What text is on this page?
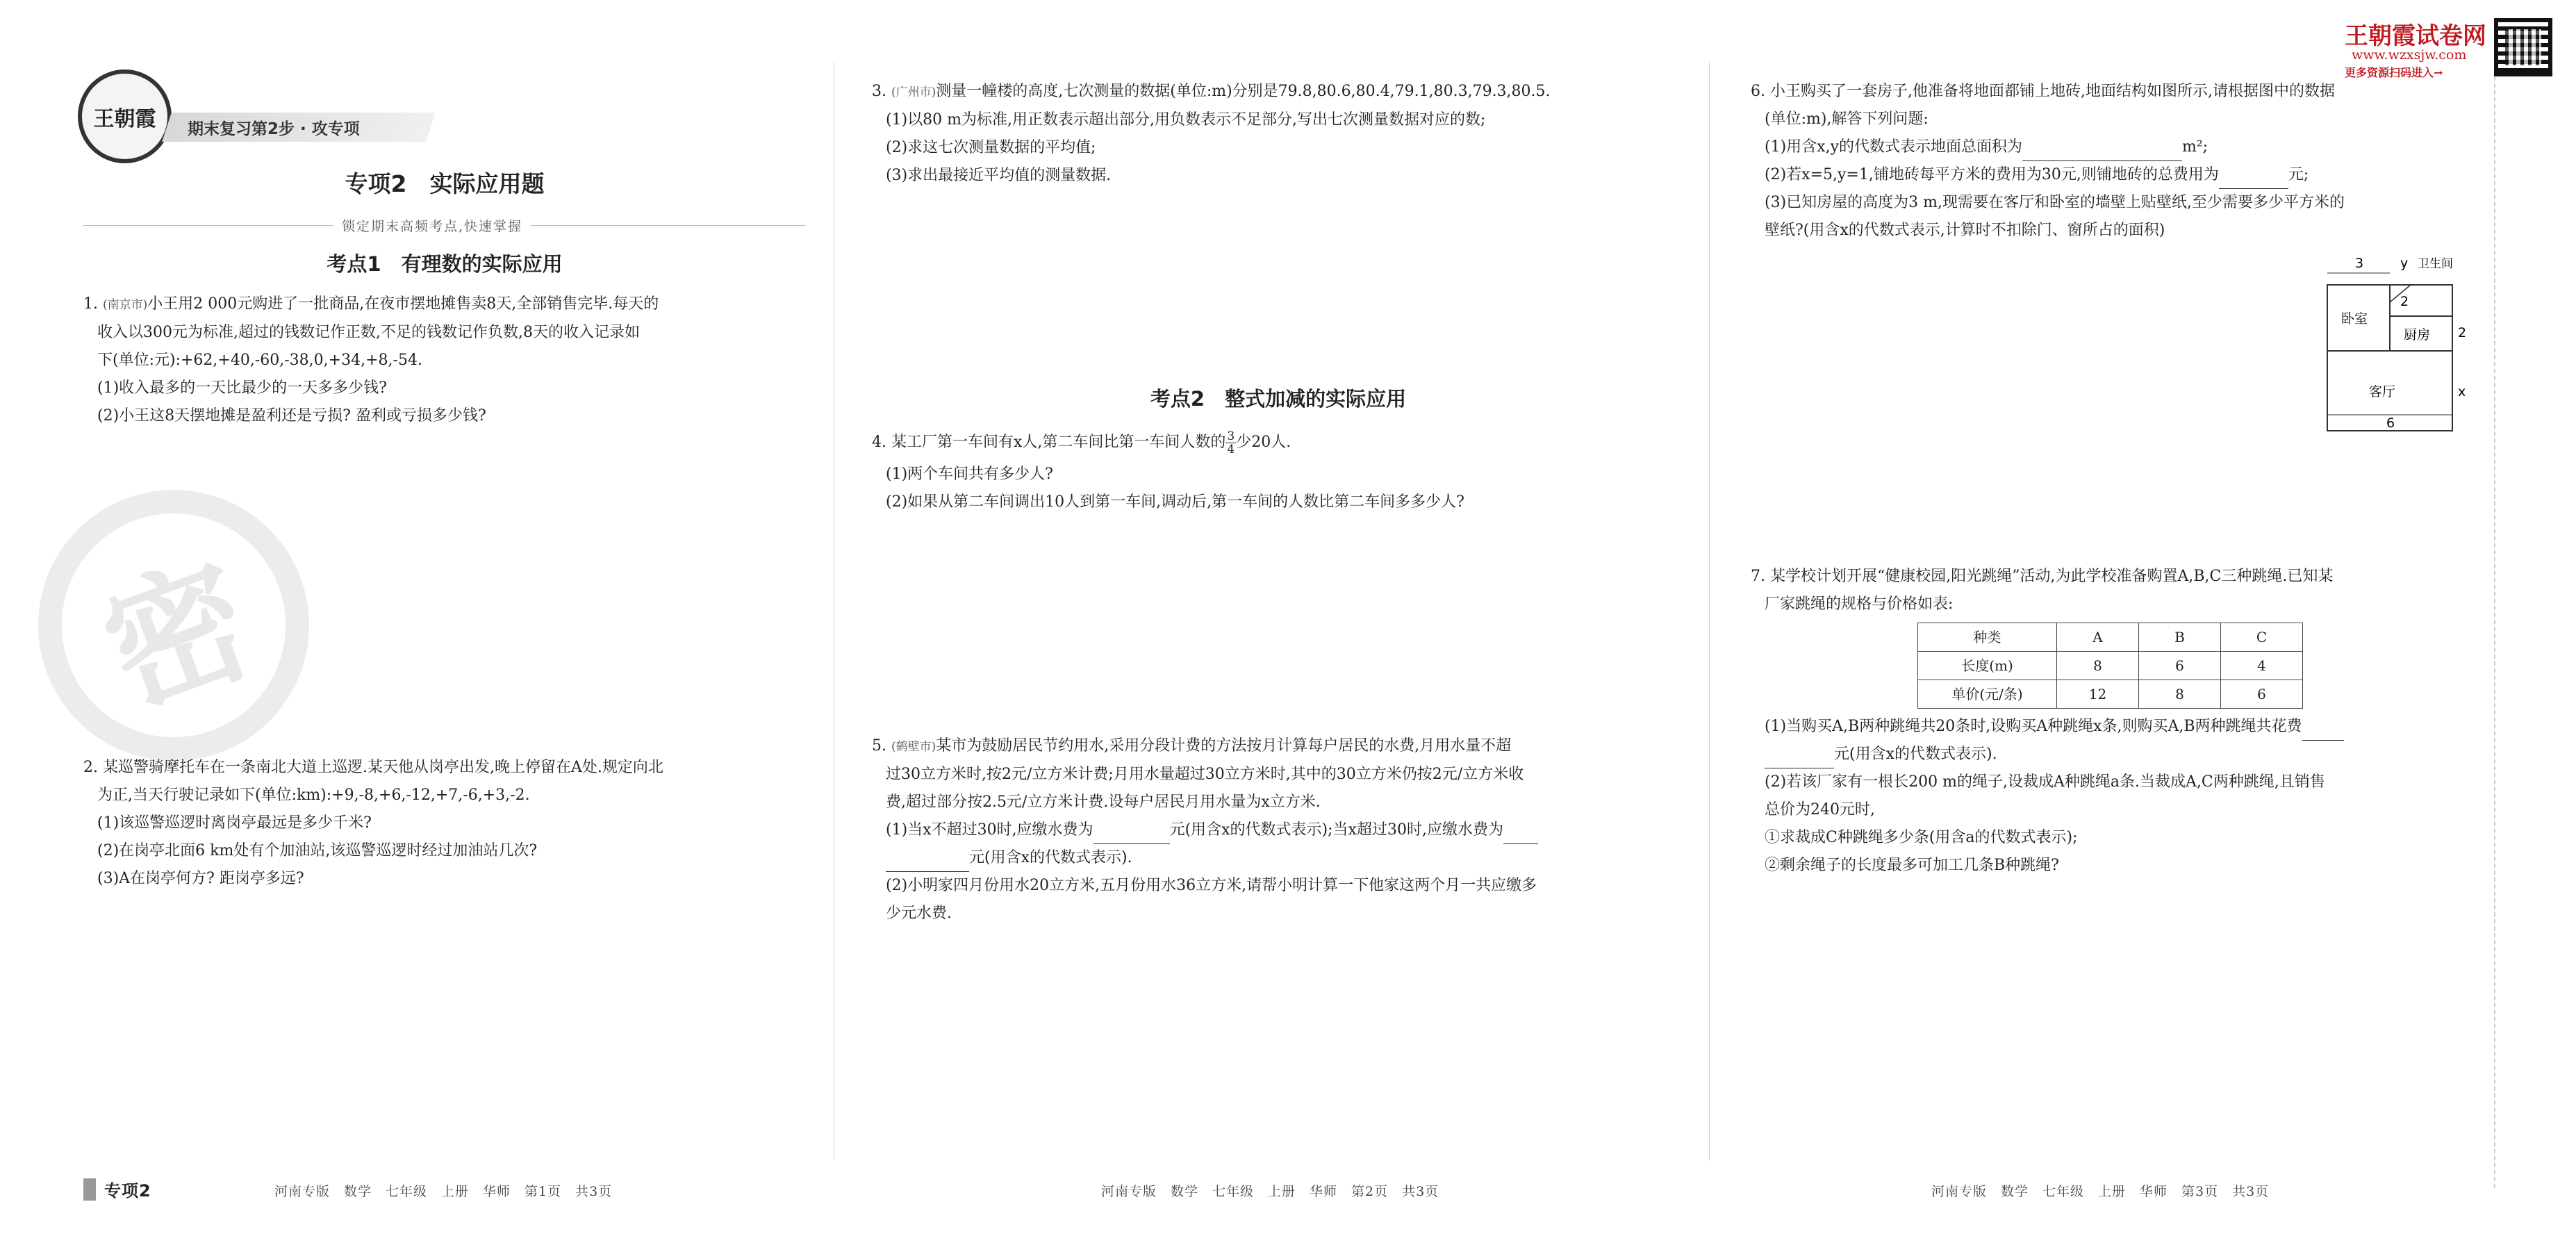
密
王朝霞 期末复习第2步 · 攻专项
王朝霞试卷网
www.wzxsjw.com
更多资源扫码进入→
专项2　实际应用题
锁定期末高频考点,快速掌握
考点1　有理数的实际应用
1. (南京市)小王用2 000元购进了一批商品,在夜市摆地摊售卖8天,全部销售完毕.每天的
收入以300元为标准,超过的钱数记作正数,不足的钱数记作负数,8天的收入记录如
下(单位:元):+62,+40,-60,-38,0,+34,+8,-54.
(1)收入最多的一天比最少的一天多多少钱?
(2)小王这8天摆地摊是盈利还是亏损? 盈利或亏损多少钱?
2. 某巡警骑摩托车在一条南北大道上巡逻.某天他从岗亭出发,晚上停留在A处.规定向北
为正,当天行驶记录如下(单位:km):+9,-8,+6,-12,+7,-6,+3,-2.
(1)该巡警巡逻时离岗亭最远是多少千米?
(2)在岗亭北面6 km处有个加油站,该巡警巡逻时经过加油站几次?
(3)A在岗亭何方? 距岗亭多远?
3. (广州市)测量一幢楼的高度,七次测量的数据(单位:m)分别是79.8,80.6,80.4,79.1,80.3,79.3,80.5.
(1)以80 m为标准,用正数表示超出部分,用负数表示不足部分,写出七次测量数据对应的数;
(2)求这七次测量数据的平均值;
(3)求出最接近平均值的测量数据.
考点2　整式加减的实际应用
4. 某工厂第一车间有x人,第二车间比第一车间人数的 $\frac{3}{4}$ 少20人.
(1)两个车间共有多少人?
(2)如果从第二车间调出10人到第一车间,调动后,第一车间的人数比第二车间多多少人?
5. (鹤壁市)某市为鼓励居民节约用水,采用分段计费的方法按月计算每户居民的水费,月用水量不超
过30立方米时,按2元/立方米计费;月用水量超过30立方米时,其中的30立方米仍按2元/立方米收
费,超过部分按2.5元/立方米计费.设每户居民月用水量为x立方米.
(1)当x不超过30时,应缴水费为	元(用含x的代数式表示);当x超过30时,应缴水费为
元(用含x的代数式表示).
(2)小明家四月份用水20立方米,五月份用水36立方米,请帮小明计算一下他家这两个月一共应缴多
少元水费.
6. 小王购买了一套房子,他准备将地面都铺上地砖,地面结构如图所示,请根据图中的数据
(单位:m),解答下列问题:
(1)用含x,y的代数式表示地面总面积为	m²;
(2)若x=5,y=1,铺地砖每平方米的费用为30元,则铺地砖的总费用为	元;
(3)已知房屋的高度为3 m,现需要在客厅和卧室的墙壁上贴壁纸,至少需要多少平方米的
壁纸?(用含x的代数式表示,计算时不扣除门、窗所占的面积)
卧室
厨房
客厅
卫生间
3	y
2
2
x
6
7. 某学校计划开展“健康校园,阳光跳绳”活动,为此学校准备购置A,B,C三种跳绳.已知某
厂家跳绳的规格与价格如表:
种类	A	B	C
长度(m)	8	6	4
单价(元/条)	12	8	6
(1)当购买A,B两种跳绳共20条时,设购买A种跳绳x条,则购买A,B两种跳绳共花费
元(用含x的代数式表示).
(2)若该厂家有一根长200 m的绳子,设裁成A种跳绳a条.当裁成A,C两种跳绳,且销售
总价为240元时,
①求裁成C种跳绳多少条(用含a的代数式表示);
②剩余绳子的长度最多可加工几条B种跳绳?
专项2	河南专版　数学　七年级　上册　华师　第1页　共3页	河南专版　数学　七年级　上册　华师　第2页　共3页	河南专版　数学　七年级　上册　华师　第3页　共3页
